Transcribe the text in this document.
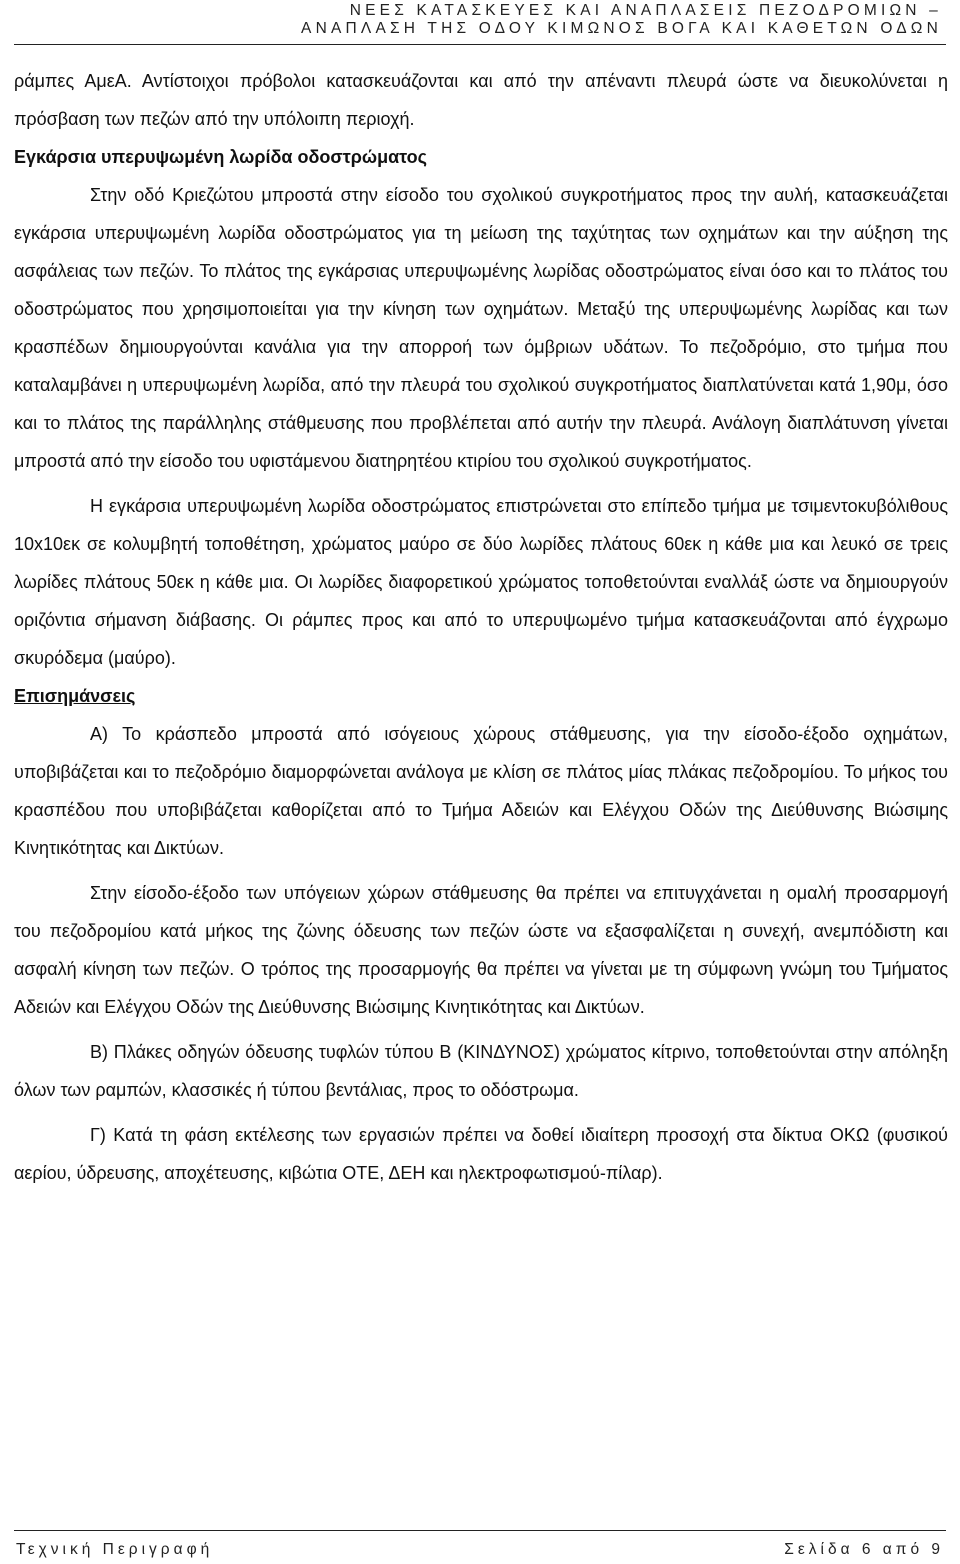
ΝΕΕΣ ΚΑΤΑΣΚΕΥΕΣ ΚΑΙ ΑΝΑΠΛΑΣΕΙΣ ΠΕΖΟΔΡΟΜΙΩΝ –
ΑΝΑΠΛΑΣΗ ΤΗΣ ΟΔΟΥ ΚΙΜΩΝΟΣ ΒΟΓΑ ΚΑΙ ΚΑΘΕΤΩΝ ΟΔΩΝ

ράμπες ΑμεΑ. Αντίστοιχοι πρόβολοι κατασκευάζονται και από την απέναντι πλευρά ώστε να διευκολύνεται η πρόσβαση των πεζών από την υπόλοιπη περιοχή.

Εγκάρσια υπερυψωμένη λωρίδα οδοστρώματος

Στην οδό Κριεζώτου μπροστά στην είσοδο του σχολικού συγκροτήματος προς την αυλή, κατασκευάζεται εγκάρσια υπερυψωμένη λωρίδα οδοστρώματος για τη μείωση της ταχύτητας των οχημάτων και την αύξηση της ασφάλειας των πεζών. Το πλάτος της εγκάρσιας υπερυψωμένης λωρίδας οδοστρώματος είναι όσο και το πλάτος του οδοστρώματος που χρησιμοποιείται για την κίνηση των οχημάτων. Μεταξύ της υπερυψωμένης λωρίδας και των κρασπέδων δημιουργούνται κανάλια για την απορροή των όμβριων υδάτων. Το πεζοδρόμιο, στο τμήμα που καταλαμβάνει η υπερυψωμένη λωρίδα, από την πλευρά του σχολικού συγκροτήματος διαπλατύνεται κατά 1,90μ, όσο και το πλάτος της παράλληλης στάθμευσης που προβλέπεται από αυτήν την πλευρά. Ανάλογη διαπλάτυνση γίνεται μπροστά από την είσοδο του υφιστάμενου διατηρητέου κτιρίου του σχολικού συγκροτήματος.

Η εγκάρσια υπερυψωμένη λωρίδα οδοστρώματος επιστρώνεται στο επίπεδο τμήμα με τσιμεντοκυβόλιθους 10x10εκ σε κολυμβητή τοποθέτηση, χρώματος μαύρο σε δύο λωρίδες πλάτους 60εκ η κάθε μια και λευκό σε τρεις λωρίδες πλάτους 50εκ η κάθε μια. Οι λωρίδες διαφορετικού χρώματος τοποθετούνται εναλλάξ ώστε να δημιουργούν οριζόντια σήμανση διάβασης. Οι ράμπες προς και από το υπερυψωμένο τμήμα κατασκευάζονται από έγχρωμο σκυρόδεμα (μαύρο).

Επισημάνσεις

Α) Το κράσπεδο μπροστά από ισόγειους χώρους στάθμευσης, για την είσοδο-έξοδο οχημάτων, υποβιβάζεται και το πεζοδρόμιο διαμορφώνεται ανάλογα με κλίση σε πλάτος μίας πλάκας πεζοδρομίου. Το μήκος του κρασπέδου που υποβιβάζεται καθορίζεται από το Τμήμα Αδειών και Ελέγχου Οδών της Διεύθυνσης Βιώσιμης Κινητικότητας και Δικτύων.

Στην είσοδο-έξοδο των υπόγειων χώρων στάθμευσης θα πρέπει να επιτυγχάνεται η ομαλή προσαρμογή του πεζοδρομίου κατά μήκος της ζώνης όδευσης των πεζών ώστε να εξασφαλίζεται η συνεχή, ανεμπόδιστη και ασφαλή κίνηση των πεζών. Ο τρόπος της προσαρμογής θα πρέπει να γίνεται με τη σύμφωνη γνώμη του Τμήματος Αδειών και Ελέγχου Οδών της Διεύθυνσης Βιώσιμης Κινητικότητας και Δικτύων.

Β) Πλάκες οδηγών όδευσης τυφλών τύπου Β (ΚΙΝΔΥΝΟΣ) χρώματος κίτρινο, τοποθετούνται στην απόληξη όλων των ραμπών, κλασσικές ή τύπου βεντάλιας, προς το οδόστρωμα.

Γ) Κατά τη φάση εκτέλεσης των εργασιών πρέπει να δοθεί ιδιαίτερη προσοχή στα δίκτυα ΟΚΩ (φυσικού αερίου, ύδρευσης, αποχέτευσης, κιβώτια ΟΤΕ, ΔΕΗ και ηλεκτροφωτισμού-πίλαρ).

Τεχνική Περιγραφή	Σελίδα 6 από 9
